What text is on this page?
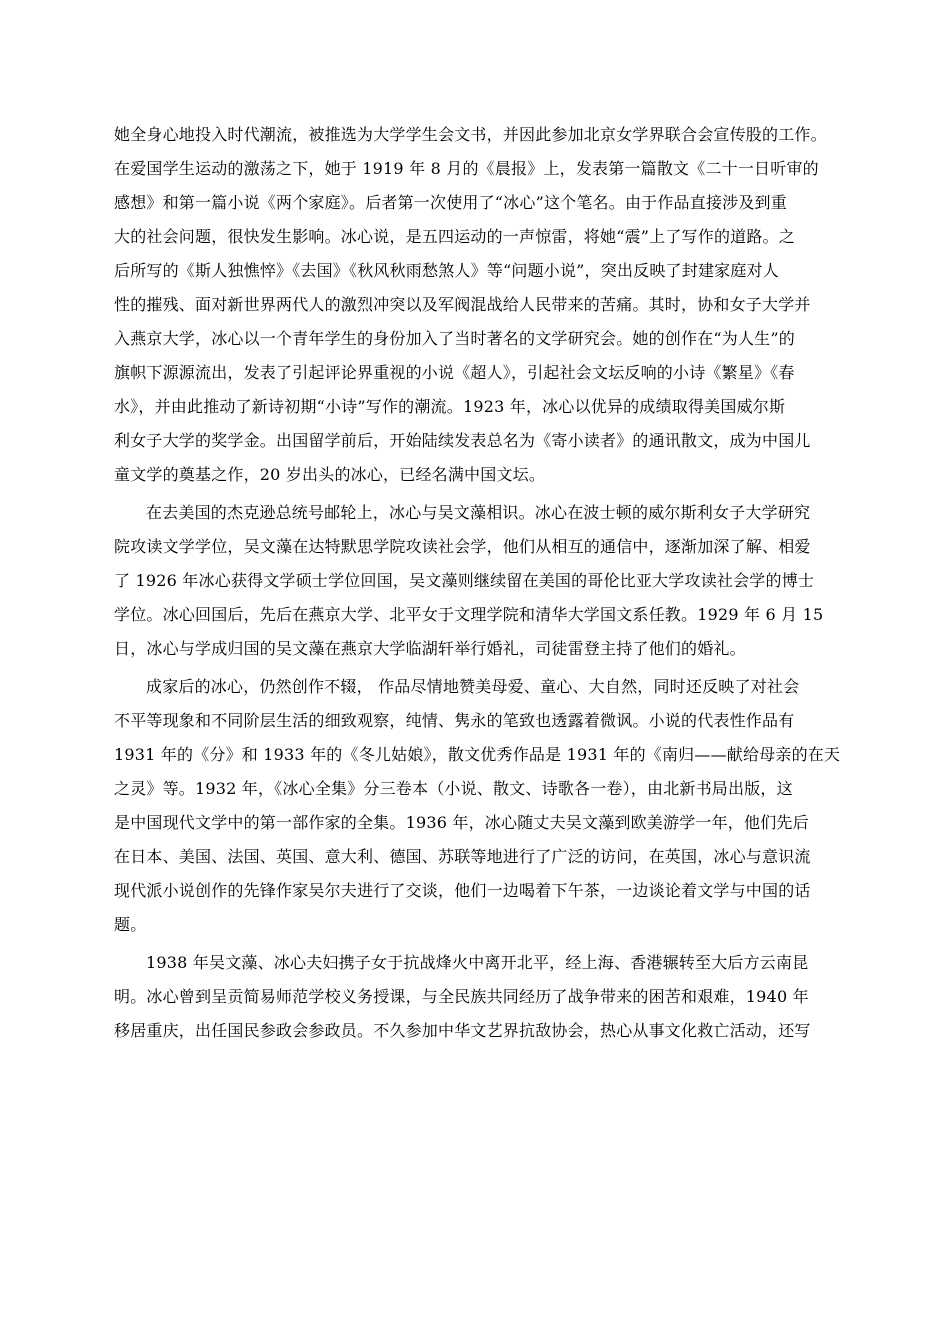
她全身心地投入时代潮流，被推选为大学学生会文书，并因此参加北京女学界联合会宣传股的工作。
在爱国学生运动的激荡之下，她于 1919 年 8 月的《晨报》上，发表第一篇散文《二十一日听审的
感想》和第一篇小说《两个家庭》。后者第一次使用了“冰心”这个笔名。由于作品直接涉及到重
大的社会问题，很快发生影响。冰心说，是五四运动的一声惊雷，将她“震”上了写作的道路。之
后所写的《斯人独憔悴》《去国》《秋风秋雨愁煞人》等“问题小说”，突出反映了封建家庭对人
性的摧残、面对新世界两代人的激烈冲突以及军阀混战给人民带来的苦痛。其时，协和女子大学并
入燕京大学，冰心以一个青年学生的身份加入了当时著名的文学研究会。她的创作在“为人生”的
旗帜下源源流出，发表了引起评论界重视的小说《超人》，引起社会文坛反响的小诗《繁星》《春
水》，并由此推动了新诗初期“小诗”写作的潮流。1923 年，冰心以优异的成绩取得美国威尔斯
利女子大学的奖学金。出国留学前后，开始陆续发表总名为《寄小读者》的通讯散文，成为中国儿
童文学的奠基之作，20 岁出头的冰心，已经名满中国文坛。
在去美国的杰克逊总统号邮轮上，冰心与吴文藻相识。冰心在波士顿的威尔斯利女子大学研究
院攻读文学学位，吴文藻在达特默思学院攻读社会学，他们从相互的通信中，逐渐加深了解、相爱
了 1926 年冰心获得文学硕士学位回国，吴文藻则继续留在美国的哥伦比亚大学攻读社会学的博士
学位。冰心回国后，先后在燕京大学、北平女于文理学院和清华大学国文系任教。1929 年 6 月 15
日，冰心与学成归国的吴文藻在燕京大学临湖轩举行婚礼，司徒雷登主持了他们的婚礼。
成家后的冰心，仍然创作不辍， 作品尽情地赞美母爱、童心、大自然，同时还反映了对社会
不平等现象和不同阶层生活的细致观察，纯情、隽永的笔致也透露着微讽。小说的代表性作品有
1931 年的《分》和 1933 年的《冬儿姑娘》，散文优秀作品是 1931 年的《南归——献给母亲的在天
之灵》等。1932 年，《冰心全集》分三卷本（小说、散文、诗歌各一卷），由北新书局出版，这
是中国现代文学中的第一部作家的全集。1936 年，冰心随丈夫吴文藻到欧美游学一年，他们先后
在日本、美国、法国、英国、意大利、德国、苏联等地进行了广泛的访问，在英国，冰心与意识流
现代派小说创作的先锋作家吴尔夫进行了交谈，他们一边喝着下午茶，一边谈论着文学与中国的话
题。
1938 年吴文藻、冰心夫妇携子女于抗战烽火中离开北平，经上海、香港辗转至大后方云南昆
明。冰心曾到呈贡简易师范学校义务授课，与全民族共同经历了战争带来的困苦和艰难，1940 年
移居重庆，出任国民参政会参政员。不久参加中华文艺界抗敌协会，热心从事文化救亡活动，还写
